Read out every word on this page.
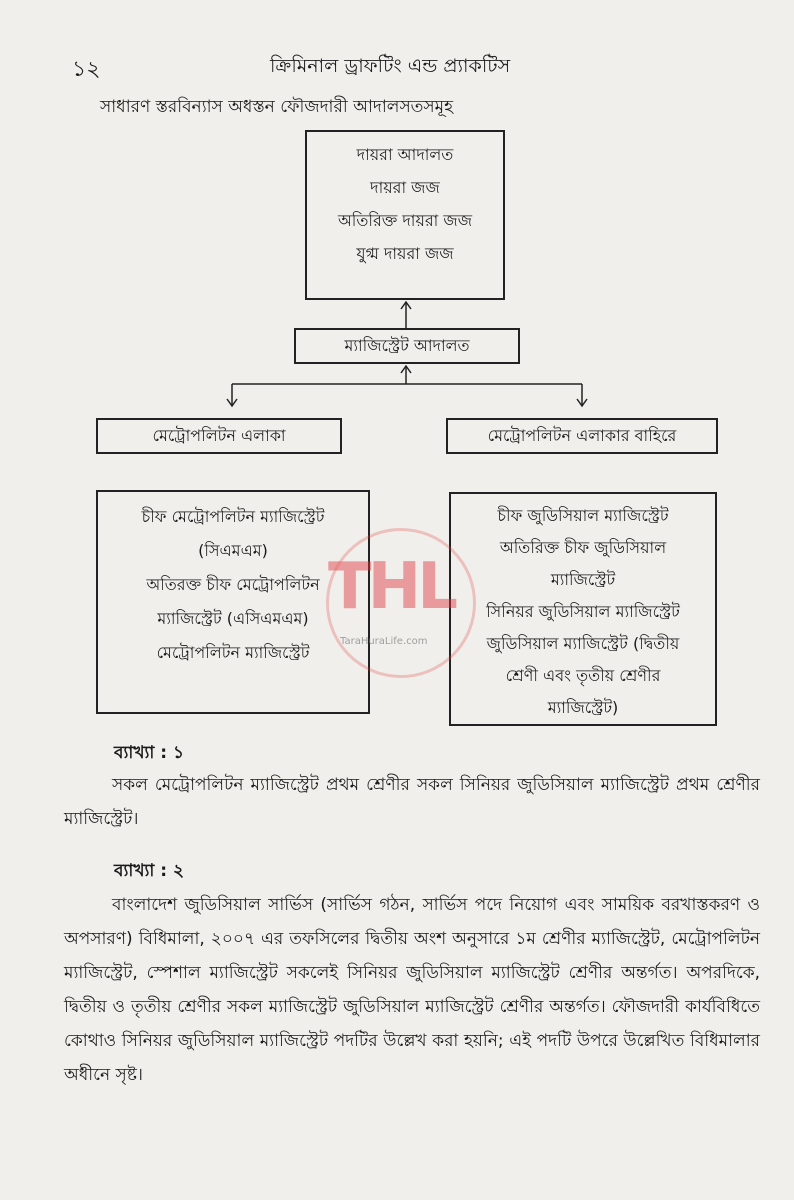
১২	ক্রিমিনাল ড্রাফটিং এন্ড প্র্যাকটিস
সাধারণ স্তরবিন্যাস অধস্তন ফৌজদারী আদালসতসমূহ
দায়রা আদালত
দায়রা জজ
অতিরিক্ত দায়রা জজ
যুগ্ম দায়রা জজ
ম্যাজিস্ট্রেট আদালত
মেট্রোপলিটন এলাকা	মেট্রোপলিটন এলাকার বাহিরে
চীফ মেট্রোপলিটন ম্যাজিস্ট্রেট
(সিএমএম)
অতিরক্ত চীফ মেট্রোপলিটন
ম্যাজিস্ট্রেট (এসিএমএম)
মেট্রোপলিটন ম্যাজিস্ট্রেট
চীফ জুডিসিয়াল ম্যাজিস্ট্রেট
অতিরিক্ত চীফ জুডিসিয়াল
ম্যাজিস্ট্রেট
সিনিয়র জুডিসিয়াল ম্যাজিস্ট্রেট
জুডিসিয়াল ম্যাজিস্ট্রেট (দ্বিতীয়
শ্রেণী এবং তৃতীয় শ্রেণীর
ম্যাজিস্ট্রেট)
THL
TaraHuraLife.com
ব্যাখ্যা : ১

সকল মেট্রোপলিটন ম্যাজিস্ট্রেট প্রথম শ্রেণীর সকল সিনিয়র জুডিসিয়াল ম্যাজিস্ট্রেট প্রথম শ্রেণীর ম্যাজিস্ট্রেট।

ব্যাখ্যা : ২

বাংলাদেশ জুডিসিয়াল সার্ভিস (সার্ভিস গঠন, সার্ভিস পদে নিয়োগ এবং সাময়িক বরখাস্তকরণ ও অপসারণ) বিধিমালা, ২০০৭ এর তফসিলের দ্বিতীয় অংশ অনুসারে ১ম শ্রেণীর ম্যাজিস্ট্রেট, মেট্রোপলিটন ম্যাজিস্ট্রেট, স্পেশাল ম্যাজিস্ট্রেট সকলেই সিনিয়র জুডিসিয়াল ম্যাজিস্ট্রেট শ্রেণীর অন্তর্গত। অপরদিকে, দ্বিতীয় ও তৃতীয় শ্রেণীর সকল ম্যাজিস্ট্রেট জুডিসিয়াল ম্যাজিস্ট্রেট শ্রেণীর অন্তর্গত। ফৌজদারী কার্যবিধিতে কোথাও সিনিয়র জুডিসিয়াল ম্যাজিস্ট্রেট পদটির উল্লেখ করা হয়নি; এই পদটি উপরে উল্লেখিত বিধিমালার অধীনে সৃষ্ট।
